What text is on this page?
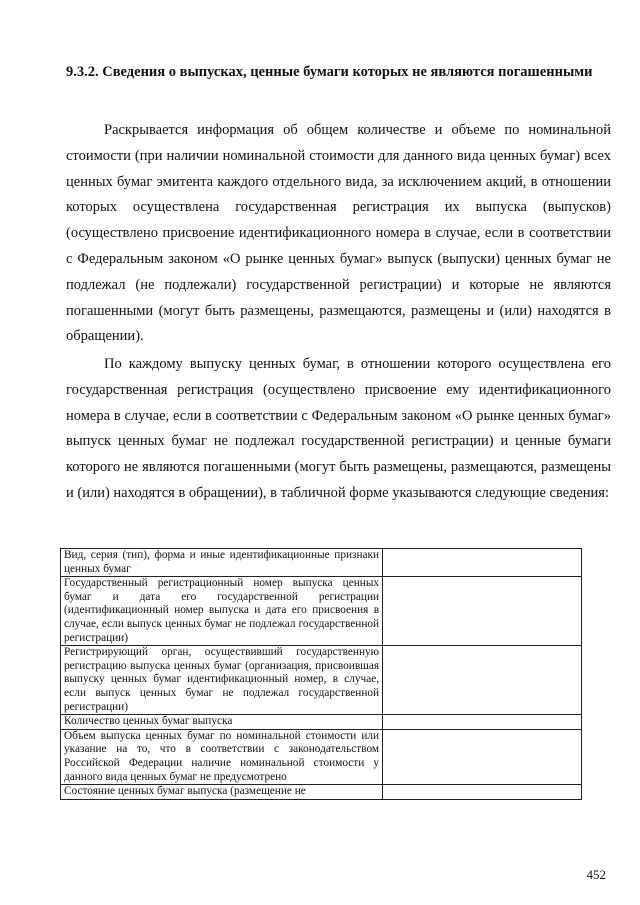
9.3.2. Сведения о выпусках, ценные бумаги которых не являются погашенными

Раскрывается информация об общем количестве и объеме по номинальной стоимости (при наличии номинальной стоимости для данного вида ценных бумаг) всех ценных бумаг эмитента каждого отдельного вида, за исключением акций, в отношении которых осуществлена государственная регистрация их выпуска (выпусков) (осуществлено присвоение идентификационного номера в случае, если в соответствии с Федеральным законом «О рынке ценных бумаг» выпуск (выпуски) ценных бумаг не подлежал (не подлежали) государственной регистрации) и которые не являются погашенными (могут быть размещены, размещаются, размещены и (или) находятся в обращении).

По каждому выпуску ценных бумаг, в отношении которого осуществлена его государственная регистрация (осуществлено присвоение ему идентификационного номера в случае, если в соответствии с Федеральным законом «О рынке ценных бумаг» выпуск ценных бумаг не подлежал государственной регистрации) и ценные бумаги которого не являются погашенными (могут быть размещены, размещаются, размещены и (или) находятся в обращении), в табличной форме указываются следующие сведения:

Вид, серия (тип), форма и иные идентификационные признаки ценных бумаг	
Государственный регистрационный номер выпуска ценных бумаг и дата его государственной регистрации (идентификационный номер выпуска и дата его присвоения в случае, если выпуск ценных бумаг не подлежал государственной регистрации)	
Регистрирующий орган, осуществивший государственную регистрацию выпуска ценных бумаг (организация, присвоившая выпуску ценных бумаг идентификационный номер, в случае, если выпуск ценных бумаг не подлежал государственной регистрации)	
Количество ценных бумаг выпуска	
Объем выпуска ценных бумаг по номинальной стоимости или указание на то, что в соответствии с законодательством Российской Федерации наличие номинальной стоимости у данного вида ценных бумаг не предусмотрено	
Состояние ценных бумаг выпуска (размещение не	
452
